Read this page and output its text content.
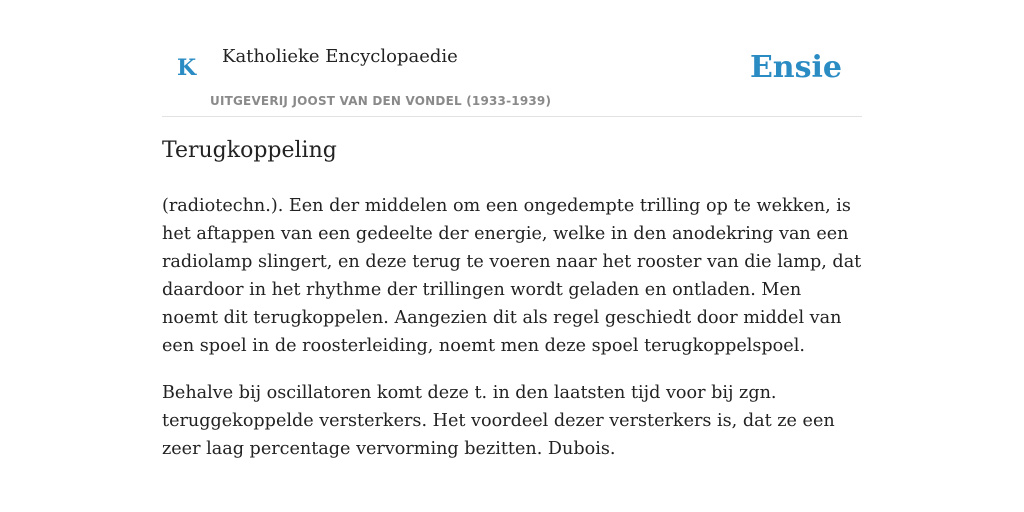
K Katholieke Encyclopaedie
UITGEVERIJ JOOST VAN DEN VONDEL (1933-1939)
Ensie
Terugkoppeling

(radiotechn.). Een der middelen om een ongedempte trilling op te wekken, is het aftappen van een gedeelte der energie, welke in den anodekring van een radiolamp slingert, en deze terug te voeren naar het rooster van die lamp, dat daardoor in het rhythme der trillingen wordt geladen en ontladen. Men noemt dit terugkoppelen. Aangezien dit als regel geschiedt door middel van een spoel in de roosterleiding, noemt men deze spoel terugkoppelspoel.

Behalve bij oscillatoren komt deze t. in den laatsten tijd voor bij zgn. teruggekoppelde versterkers. Het voordeel dezer versterkers is, dat ze een zeer laag percentage vervorming bezitten. Dubois.
